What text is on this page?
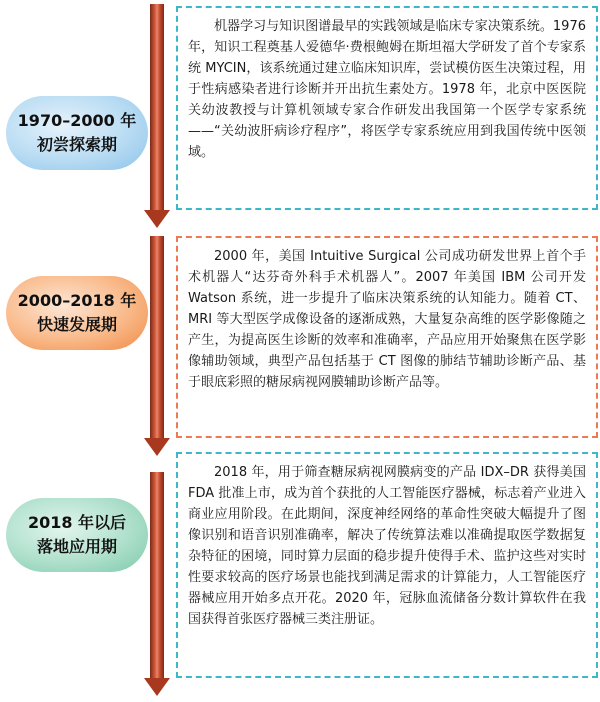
1970–2000 年
初尝探索期
2000–2018 年
快速发展期
2018 年以后
落地应用期
机器学习与知识图谱最早的实践领域是临床专家决策系统。1976 年，知识工程奠基人爱德华·费根鲍姆在斯坦福大学研发了首个专家系统 MYCIN，该系统通过建立临床知识库，尝试模仿医生决策过程，用于性病感染者进行诊断并开出抗生素处方。1978 年，北京中医医院关幼波教授与计算机领域专家合作研发出我国第一个医学专家系统——“关幼波肝病诊疗程序”，将医学专家系统应用到我国传统中医领域。
2000 年，美国 Intuitive Surgical 公司成功研发世界上首个手术机器人“达芬奇外科手术机器人”。2007 年美国 IBM 公司开发 Watson 系统，进一步提升了临床决策系统的认知能力。随着 CT、MRI 等大型医学成像设备的逐渐成熟，大量复杂高维的医学影像随之产生，为提高医生诊断的效率和准确率，产品应用开始聚焦在医学影像辅助领域，典型产品包括基于 CT 图像的肺结节辅助诊断产品、基于眼底彩照的糖尿病视网膜辅助诊断产品等。
2018 年，用于筛查糖尿病视网膜病变的产品 IDX–DR 获得美国 FDA 批准上市，成为首个获批的人工智能医疗器械，标志着产业进入商业应用阶段。在此期间，深度神经网络的革命性突破大幅提升了图像识别和语音识别准确率，解决了传统算法难以准确提取医学数据复杂特征的困境，同时算力层面的稳步提升使得手术、监护这些对实时性要求较高的医疗场景也能找到满足需求的计算能力，人工智能医疗器械应用开始多点开花。2020 年，冠脉血流储备分数计算软件在我国获得首张医疗器械三类注册证。
